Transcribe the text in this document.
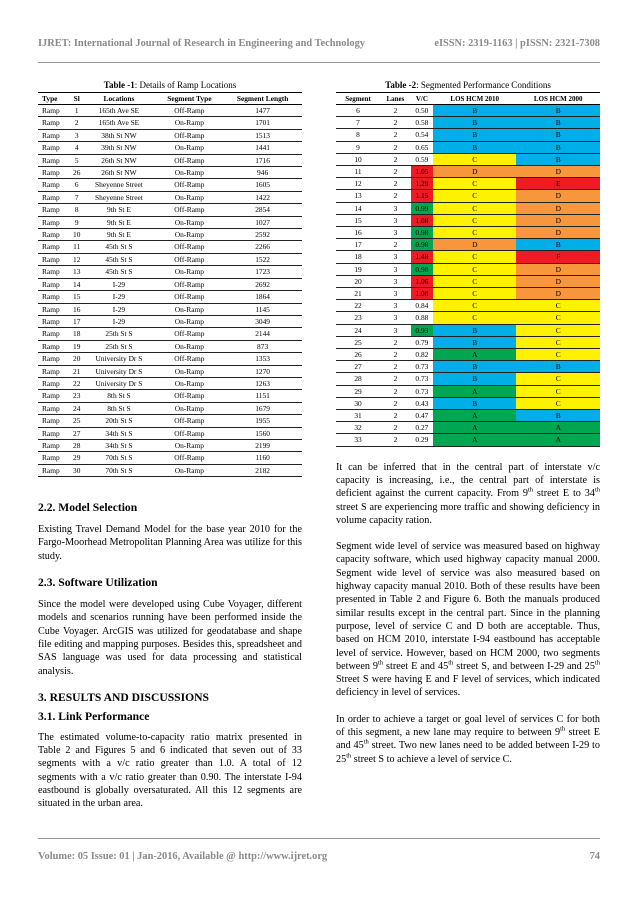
IJRET: International Journal of Research in Engineering and Technology	eISSN: 2319-1163 | pISSN: 2321-7308
Table -1: Details of Ramp Locations
Type	Sl	Locations	Segment Type	Segment Length
Ramp	1	165th Ave SE	Off-Ramp	1477
Ramp	2	165th Ave SE	On-Ramp	1701
Ramp	3	38th St NW	Off-Ramp	1513
Ramp	4	39th St NW	On-Ramp	1441
Ramp	5	26th St NW	Off-Ramp	1716
Ramp	26	26th St NW	On-Ramp	946
Ramp	6	Sheyenne Street	Off-Ramp	1605
Ramp	7	Sheyenne Street	On-Ramp	1422
Ramp	8	9th St E	Off-Ramp	2854
Ramp	9	9th St E	On-Ramp	1027
Ramp	10	9th St E	On-Ramp	2592
Ramp	11	45th St S	Off-Ramp	2266
Ramp	12	45th St S	Off-Ramp	1522
Ramp	13	45th St S	On-Ramp	1723
Ramp	14	I-29	Off-Ramp	2692
Ramp	15	I-29	Off-Ramp	1864
Ramp	16	I-29	On-Ramp	1145
Ramp	17	I-29	On-Ramp	3049
Ramp	18	25th St S	Off-Ramp	2144
Ramp	19	25th St S	On-Ramp	873
Ramp	20	University Dr S	Off-Ramp	1353
Ramp	21	University Dr S	On-Ramp	1270
Ramp	22	University Dr S	On-Ramp	1263
Ramp	23	8th St S	Off-Ramp	1151
Ramp	24	8th St S	On-Ramp	1679
Ramp	25	20th St S	Off-Ramp	1955
Ramp	27	34th St S	Off-Ramp	1560
Ramp	28	34th St S	On-Ramp	2199
Ramp	29	70th St S	Off-Ramp	1160
Ramp	30	70th St S	On-Ramp	2182
2.2. Model Selection

Existing Travel Demand Model for the base year 2010 for the Fargo-Moorhead Metropolitan Planning Area was utilize for this study.

2.3. Software Utilization

Since the model were developed using Cube Voyager, different models and scenarios running have been performed inside the Cube Voyager. ArcGIS was utilized for geodatabase and shape file editing and mapping purposes. Besides this, spreadsheet and SAS language was used for data processing and statistical analysis.

3. RESULTS AND DISCUSSIONS
3.1. Link Performance

The estimated volume-to-capacity ratio matrix presented in Table 2 and Figures 5 and 6 indicated that seven out of 33 segments with a v/c ratio greater than 1.0. A total of 12 segments with a v/c ratio greater than 0.90. The interstate I-94 eastbound is globally oversaturated. All this 12 segments are situated in the urban area.

Table -2: Segmented Performance Conditions
Segment	Lanes	V/C	LOS HCM 2010	LOS HCM 2000
6	2	0.50	B	B
7	2	0.58	B	B
8	2	0.54	B	B
9	2	0.65	B	B
10	2	0.59	C	B
11	2	1.05	D	D
12	2	1.29	C	E
13	2	1.15	C	D
14	3	0.99	C	D
15	3	1.08	C	D
16	3	0.98	C	D
17	2	0.98	D	B
18	3	1.48	C	F
19	3	0.98	C	D
20	3	1.06	C	D
21	3	1.08	C	D
22	3	0.84	C	C
23	3	0.88	C	C
24	3	0.93	B	C
25	2	0.79	B	C
26	2	0.82	A	C
27	2	0.73	B	B
28	2	0.73	B	C
29	2	0.73	A	C
30	2	0.43	B	C
31	2	0.47	A	B
32	2	0.27	A	A
33	2	0.29	A	A

It can be inferred that in the central part of interstate v/c capacity is increasing, i.e., the central part of interstate is deficient against the current capacity. From 9th street E to 34th street S are experiencing more traffic and showing deficiency in volume capacity ration.

Segment wide level of service was measured based on highway capacity software, which used highway capacity manual 2000. Segment wide level of service was also measured based on highway capacity manual 2010. Both of these results have been presented in Table 2 and Figure 6. Both the manuals produced similar results except in the central part. Since in the planning purpose, level of service C and D both are acceptable. Thus, based on HCM 2010, interstate I-94 eastbound has acceptable level of service. However, based on HCM 2000, two segments between 9th street E and 45th street S, and between I-29 and 25th Street S were having E and F level of services, which indicated deficiency in level of services.

In order to achieve a target or goal level of services C for both of this segment, a new lane may require to between 9th street E and 45th street. Two new lanes need to be added between I-29 to 25th street S to achieve a level of service C.

Volume: 05 Issue: 01 | Jan-2016, Available @ http://www.ijret.org	74
